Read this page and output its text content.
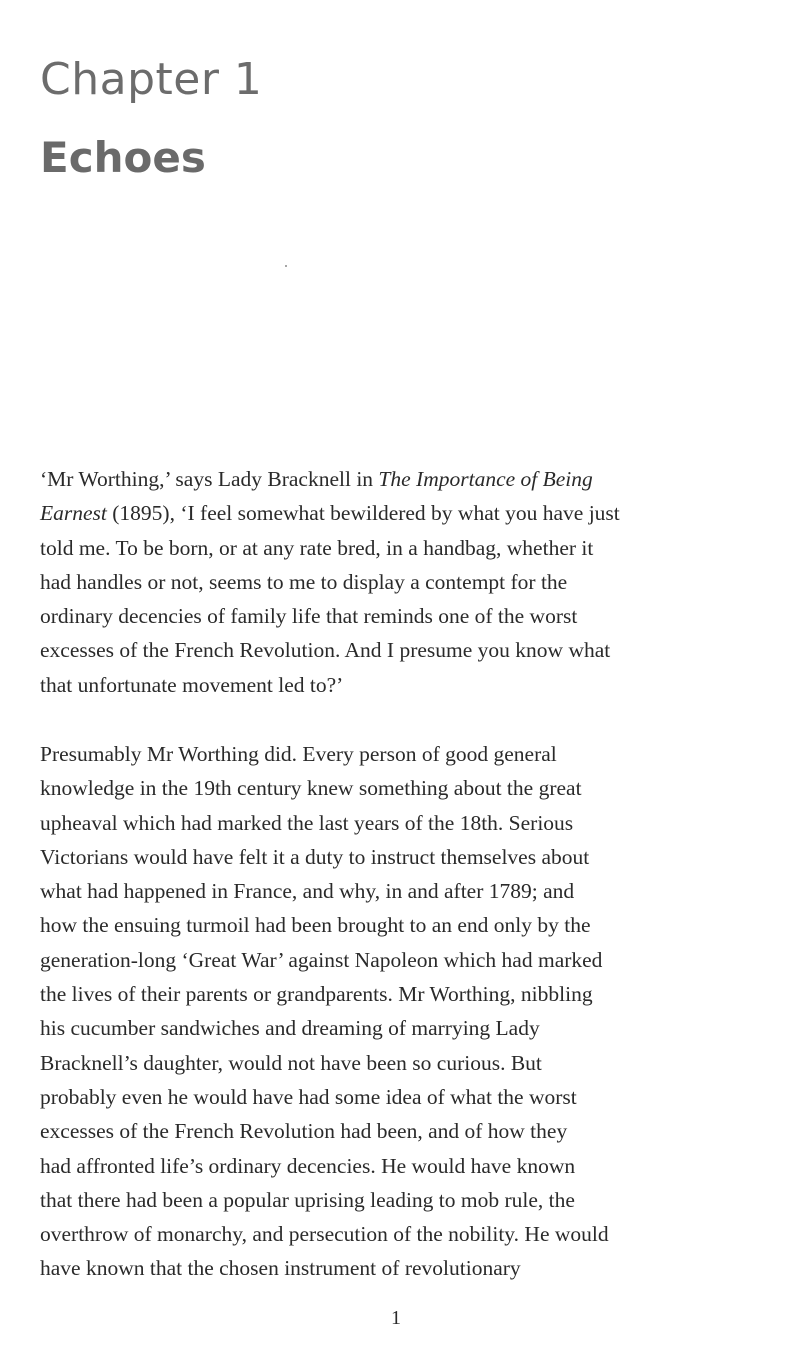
Chapter 1
Echoes
‘Mr Worthing,’ says Lady Bracknell in The Importance of Being
Earnest (1895), ‘I feel somewhat bewildered by what you have just
told me. To be born, or at any rate bred, in a handbag, whether it
had handles or not, seems to me to display a contempt for the
ordinary decencies of family life that reminds one of the worst
excesses of the French Revolution. And I presume you know what
that unfortunate movement led to?’
Presumably Mr Worthing did. Every person of good general
knowledge in the 19th century knew something about the great
upheaval which had marked the last years of the 18th. Serious
Victorians would have felt it a duty to instruct themselves about
what had happened in France, and why, in and after 1789; and
how the ensuing turmoil had been brought to an end only by the
generation-long ‘Great War’ against Napoleon which had marked
the lives of their parents or grandparents. Mr Worthing, nibbling
his cucumber sandwiches and dreaming of marrying Lady
Bracknell’s daughter, would not have been so curious. But
probably even he would have had some idea of what the worst
excesses of the French Revolution had been, and of how they
had affronted life’s ordinary decencies. He would have known
that there had been a popular uprising leading to mob rule, the
overthrow of monarchy, and persecution of the nobility. He would
have known that the chosen instrument of revolutionary
1
